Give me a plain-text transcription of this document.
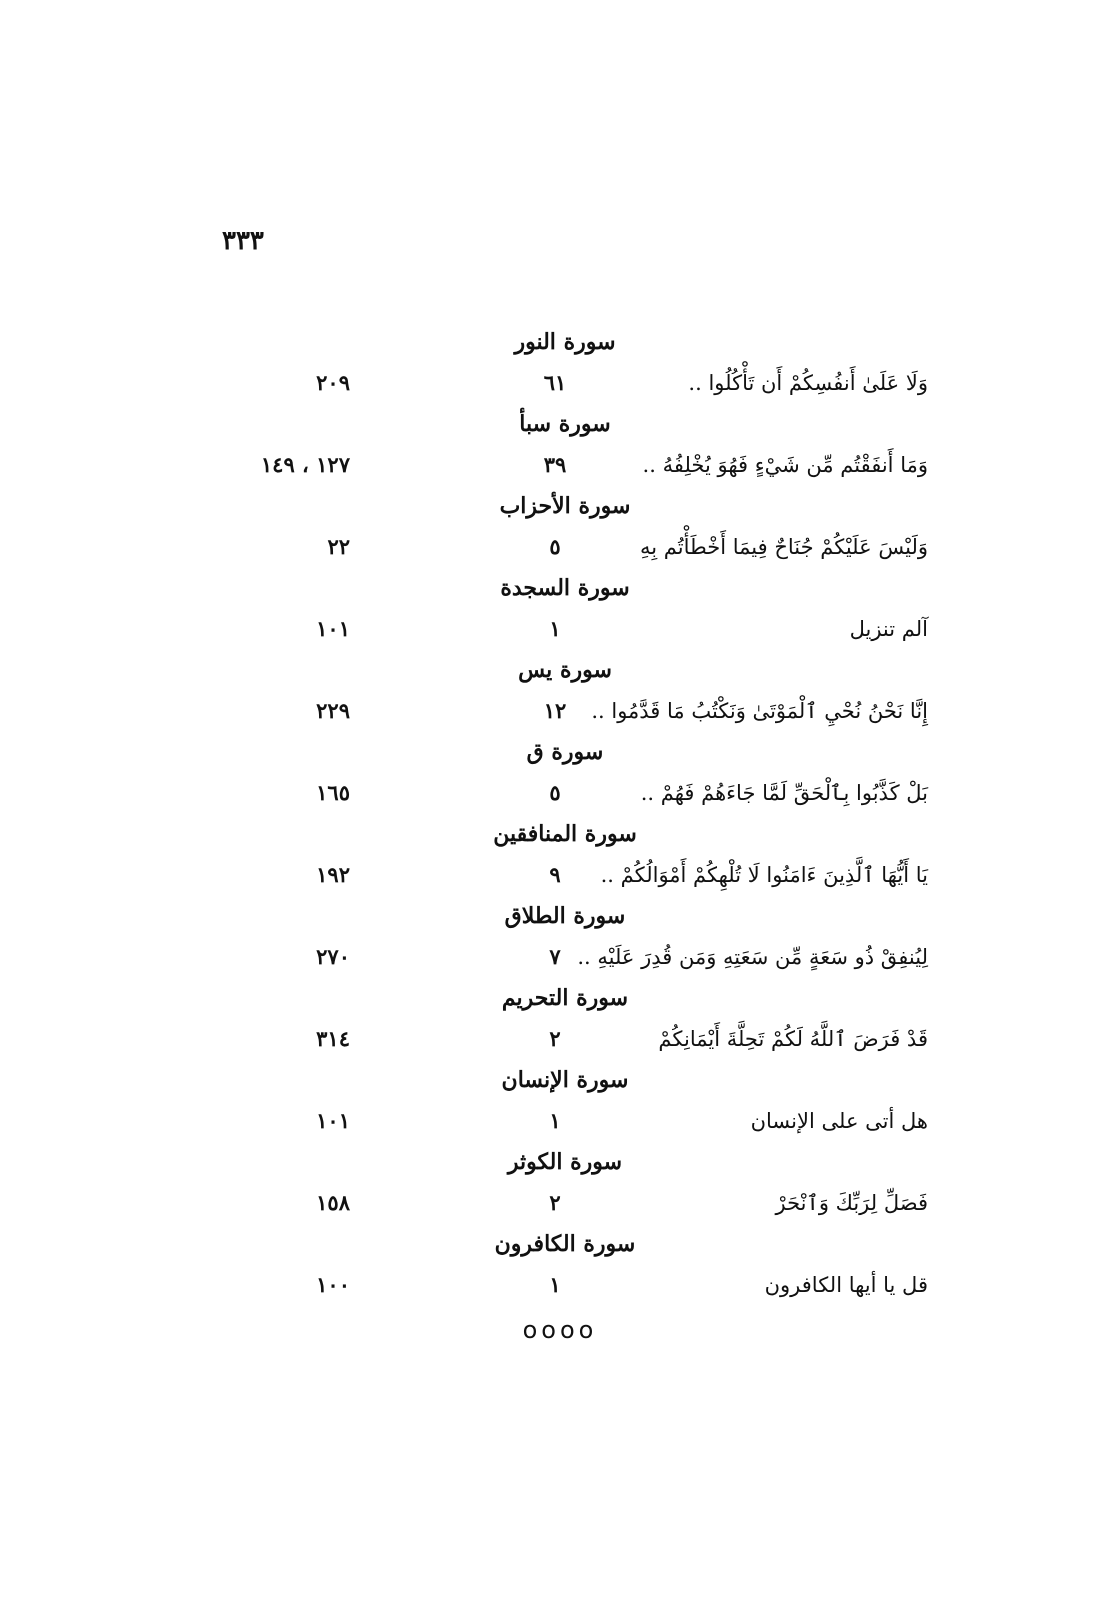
٣٣٣
سورة النور
وَلَا عَلَىٰ أَنفُسِكُمْ أَن تَأْكُلُوا ..
٦١
٢٠٩
سورة سبأ
وَمَا أَنفَقْتُم مِّن شَيْءٍ فَهُوَ يُخْلِفُهُ ..
٣٩
١٢٧ ، ١٤٩
سورة الأحزاب
وَلَيْسَ عَلَيْكُمْ جُنَاحٌ فِيمَا أَخْطَأْتُم بِهِ
٥
٢٢
سورة السجدة
آلم تنزيل
١
١٠١
سورة يس
إِنَّا نَحْنُ نُحْيِ ٱلْمَوْتَىٰ وَنَكْتُبُ مَا قَدَّمُوا ..
١٢
٢٢٩
سورة ق
بَلْ كَذَّبُوا بِٱلْحَقِّ لَمَّا جَاءَهُمْ فَهُمْ ..
٥
١٦٥
سورة المنافقين
يَا أَيُّهَا ٱلَّذِينَ ءَامَنُوا لَا تُلْهِكُمْ أَمْوَالُكُمْ ..
٩
١٩٢
سورة الطلاق
لِيُنفِقْ ذُو سَعَةٍ مِّن سَعَتِهِ وَمَن قُدِرَ عَلَيْهِ ..
٧
٢٧٠
سورة التحريم
قَدْ فَرَضَ ٱللَّهُ لَكُمْ تَحِلَّةَ أَيْمَانِكُمْ
٢
٣١٤
سورة الإنسان
هل أتى على الإنسان
١
١٠١
سورة الكوثر
فَصَلِّ لِرَبِّكَ وَٱنْحَرْ
٢
١٥٨
سورة الكافرون
قل يا أيها الكافرون
١
١٠٠
oooo
